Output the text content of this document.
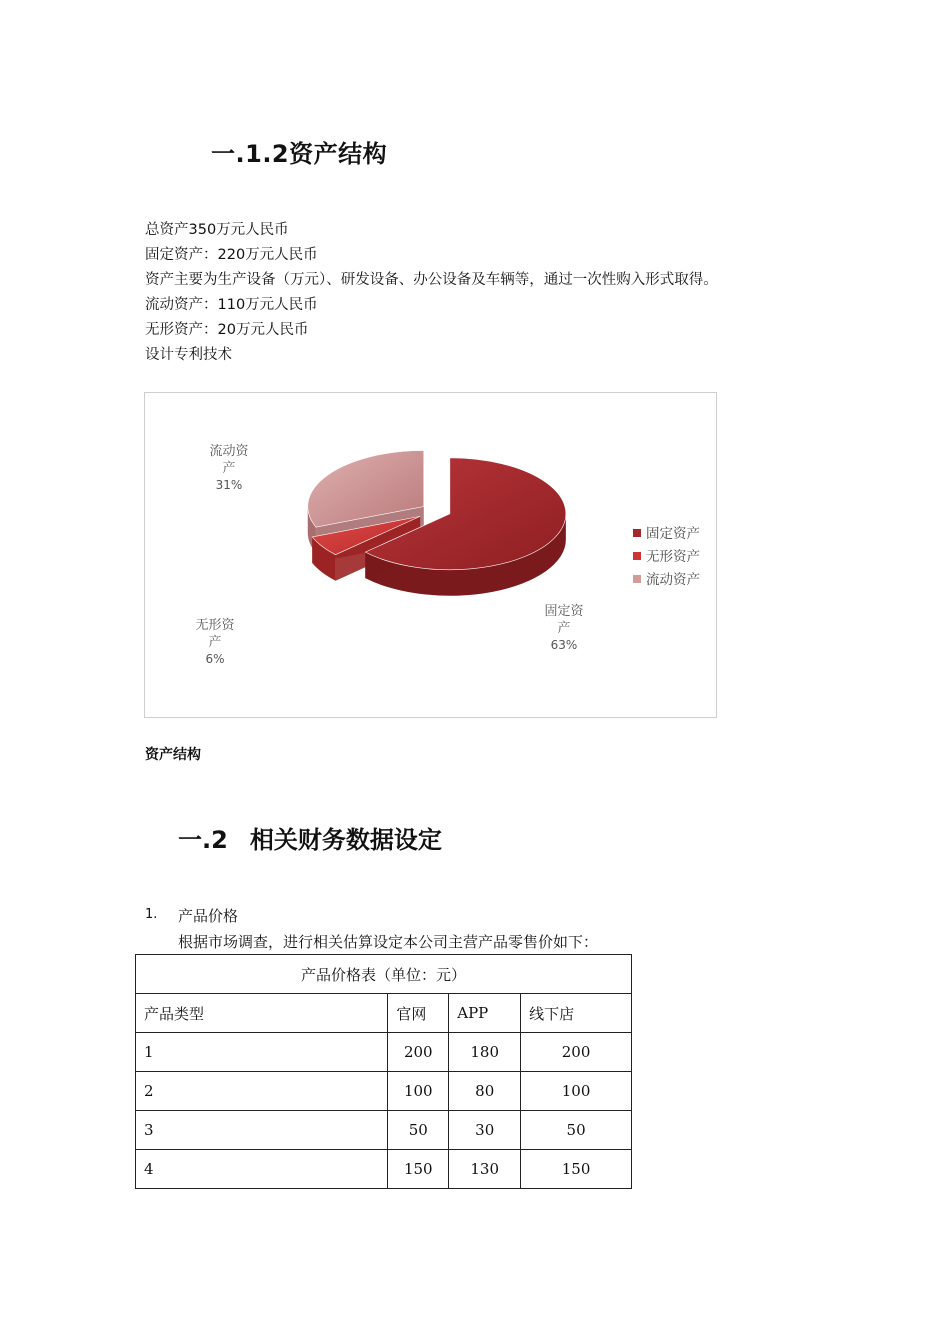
一.1.2资产结构
总资产350万元人民币
固定资产：220万元人民币
资产主要为生产设备（万元）、研发设备、办公设备及车辆等，通过一次性购入形式取得。
流动资产：110万元人民币
无形资产：20万元人民币
设计专利技术
固定资产
无形资产
流动资产
固定资
产
63%
无形资
产
6%
流动资
产
31%
资产结构
一.2 相关财务数据设定
1. 产品价格
根据市场调查，进行相关估算设定本公司主营产品零售价如下：
产品价格表（单位：元）			
产品类型	官网	APP	线下店
1	200	180	200
2	100	80	100
3	50	30	50
4	150	130	150
